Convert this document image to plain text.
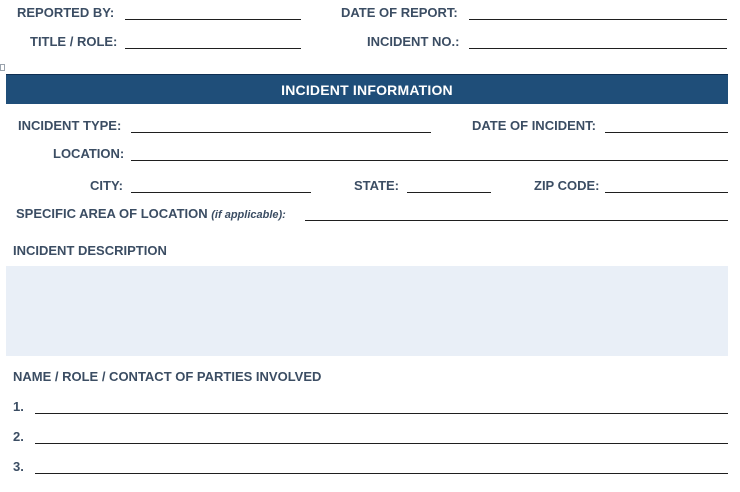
REPORTED BY:	DATE OF REPORT:
TITLE / ROLE:	INCIDENT NO.:
INCIDENT INFORMATION
INCIDENT TYPE:	DATE OF INCIDENT:
LOCATION:
CITY:	STATE:	ZIP CODE:
SPECIFIC AREA OF LOCATION (if applicable):
INCIDENT DESCRIPTION
NAME / ROLE / CONTACT OF PARTIES INVOLVED
1.
2.
3.
